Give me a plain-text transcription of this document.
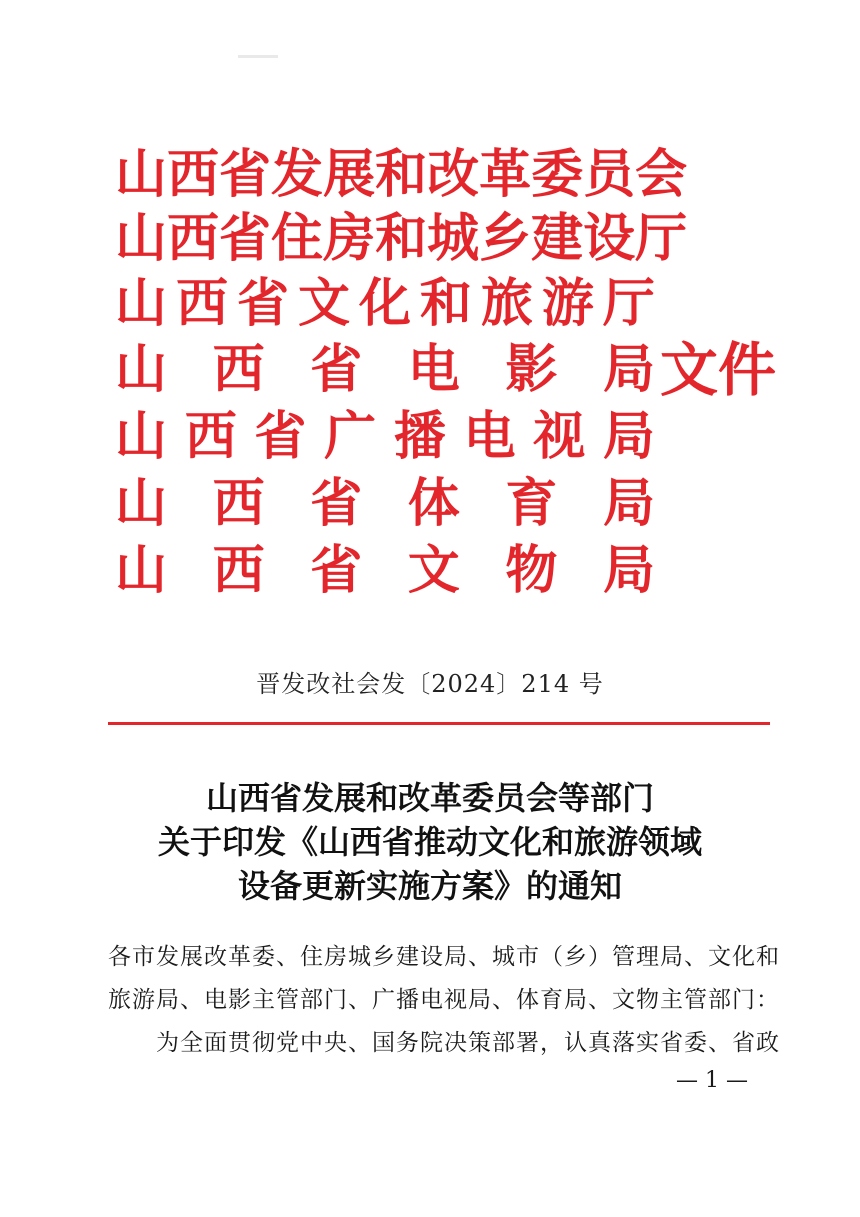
山 西 省 发 展 和 改 革 委 员 会
山 西 省 住 房 和 城 乡 建 设 厅
山 西 省 文 化 和 旅 游 厅
山 西 省 电 影 局
山 西 省 广 播 电 视 局
山 西 省 体 育 局
山 西 省 文 物 局
文件
晋发改社会发〔2024〕214 号
山西省发展和改革委员会等部门
关于印发《山西省推动文化和旅游领域
设备更新实施方案》的通知
各市发展改革委、住房城乡建设局、城市（乡）管理局、文化和
旅游局、电影主管部门、广播电视局、体育局、文物主管部门：
为全面贯彻党中央、国务院决策部署，认真落实省委、省政
— 1 —
